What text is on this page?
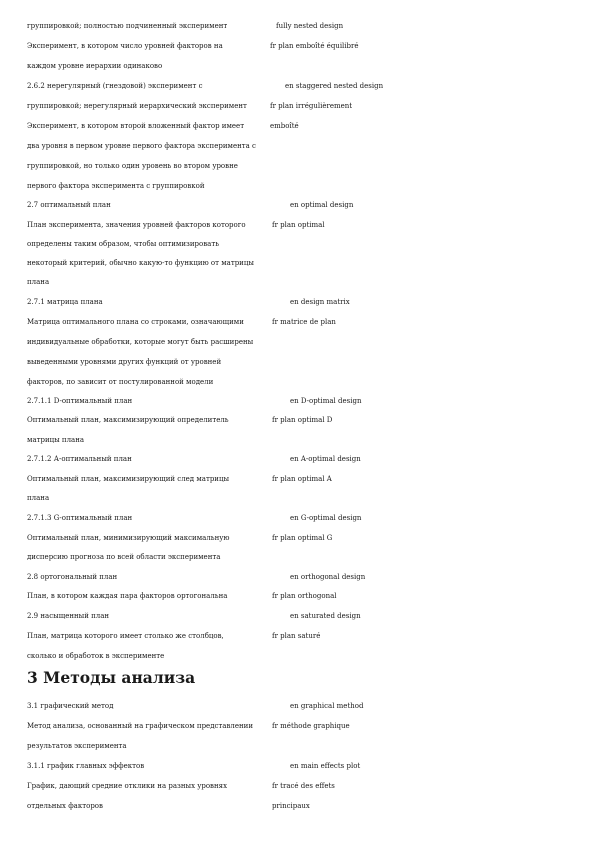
группировкой; полностью подчиненный эксперимент	fully nested design
Эксперимент, в котором число уровней факторов на	fr plan emboîté équilibré
каждом уровне иерархии одинаково
2.6.2 нерегулярный (гнездовой) эксперимент с	en staggered nested design
группировкой; нерегулярный иерархический эксперимент	fr plan irrégulièrement
Эксперимент, в котором второй вложенный фактор имеет	emboîté
два уровня в первом уровне первого фактора эксперимента с
группировкой, но только один уровень во втором уровне
первого фактора эксперимента с группировкой
2.7 оптимальный план	en optimal design
План эксперимента, значения уровней факторов которого	fr plan optimal
определены таким образом, чтобы оптимизировать
некоторый критерий, обычно какую-то функцию от матрицы
плана
2.7.1 матрица плана	en design matrix
Матрица оптимального плана со строками, означающими	fr matrice de plan
индивидуальные обработки, которые могут быть расширены
выведенными уровнями других функций от уровней
факторов, по зависит от постулированной модели
2.7.1.1 D-оптимальный план	en D-optimal design
Оптимальный план, максимизирующий определитель	fr plan optimal D
матрицы плана
2.7.1.2 А-оптимальный план	en A-optimal design
Оптимальный план, максимизирующий след матрицы	fr plan optimal A
плана
2.7.1.3 G-оптимальный план	en G-optimal design
Оптимальный план, минимизирующий максимальную	fr plan optimal G
дисперсию прогноза по всей области эксперимента
2.8 ортогональный план	en orthogonal design
План, в котором каждая пара факторов ортогональна	fr plan orthogonal
2.9 насыщенный план	en saturated design
План, матрица которого имеет столько же столбцов,	fr plan saturé
сколько и обработок в эксперименте
3 Методы анализа
3.1 графический метод	en graphical method
Метод анализа, основанный на графическом представлении	fr méthode graphique
результатов эксперимента
3.1.1 график главных эффектов	en main effects plot
График, дающий средние отклики на разных уровнях	fr tracé des effets
отдельных факторов	principaux
